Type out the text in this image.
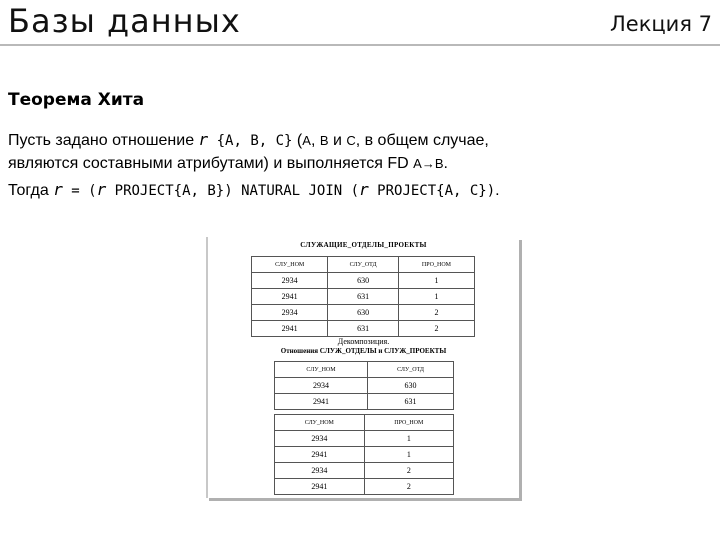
Базы данных	Лекция 7
Теорема Хита
Пусть задано отношение r {A, B, C} (A, B и C, в общем случае,
являются составными атрибутами) и выполняется FD A→B.
Тогда r = (r PROJECT{A, B}) NATURAL JOIN (r PROJECT{A, C}).
СЛУЖАЩИЕ_ОТДЕЛЫ_ПРОЕКТЫ
СЛУ_НОМ	СЛУ_ОТД	ПРО_НОМ
2934	630	1
2941	631	1
2934	630	2
2941	631	2
Декомпозиция.
Отношения СЛУЖ_ОТДЕЛЫ и СЛУЖ_ПРОЕКТЫ
СЛУ_НОМ	СЛУ_ОТД
2934	630
2941	631
СЛУ_НОМ	ПРО_НОМ
2934	1
2941	1
2934	2
2941	2
